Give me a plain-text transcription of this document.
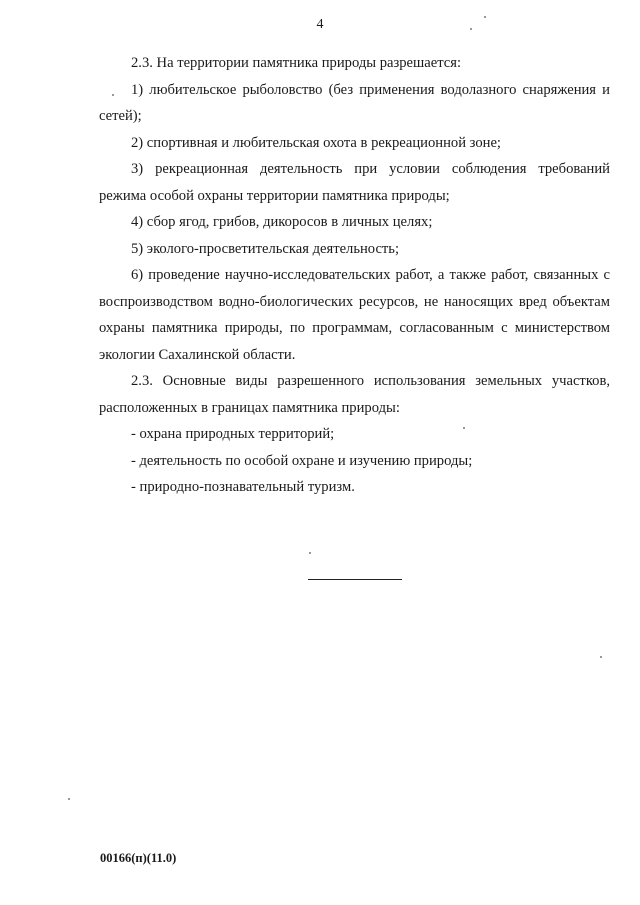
4

2.3. На территории памятника природы разрешается:

1) любительское рыболовство (без применения водолазного снаряжения и сетей);

2) спортивная и любительская охота в рекреационной зоне;

3) рекреационная деятельность при условии соблюдения требований режима особой охраны территории памятника природы;

4) сбор ягод, грибов, дикоросов в личных целях;

5) эколого-просветительская деятельность;

6) проведение научно-исследовательских работ, а также работ, связанных с воспроизводством водно-биологических ресурсов, не наносящих вред объектам охраны памятника природы, по программам, согласованным с министерством экологии Сахалинской области.

2.3. Основные виды разрешенного использования земельных участков, расположенных в границах памятника природы:

- охрана природных территорий;

- деятельность по особой охране и изучению природы;

- природно-познавательный туризм.

00166(п)(11.0)
